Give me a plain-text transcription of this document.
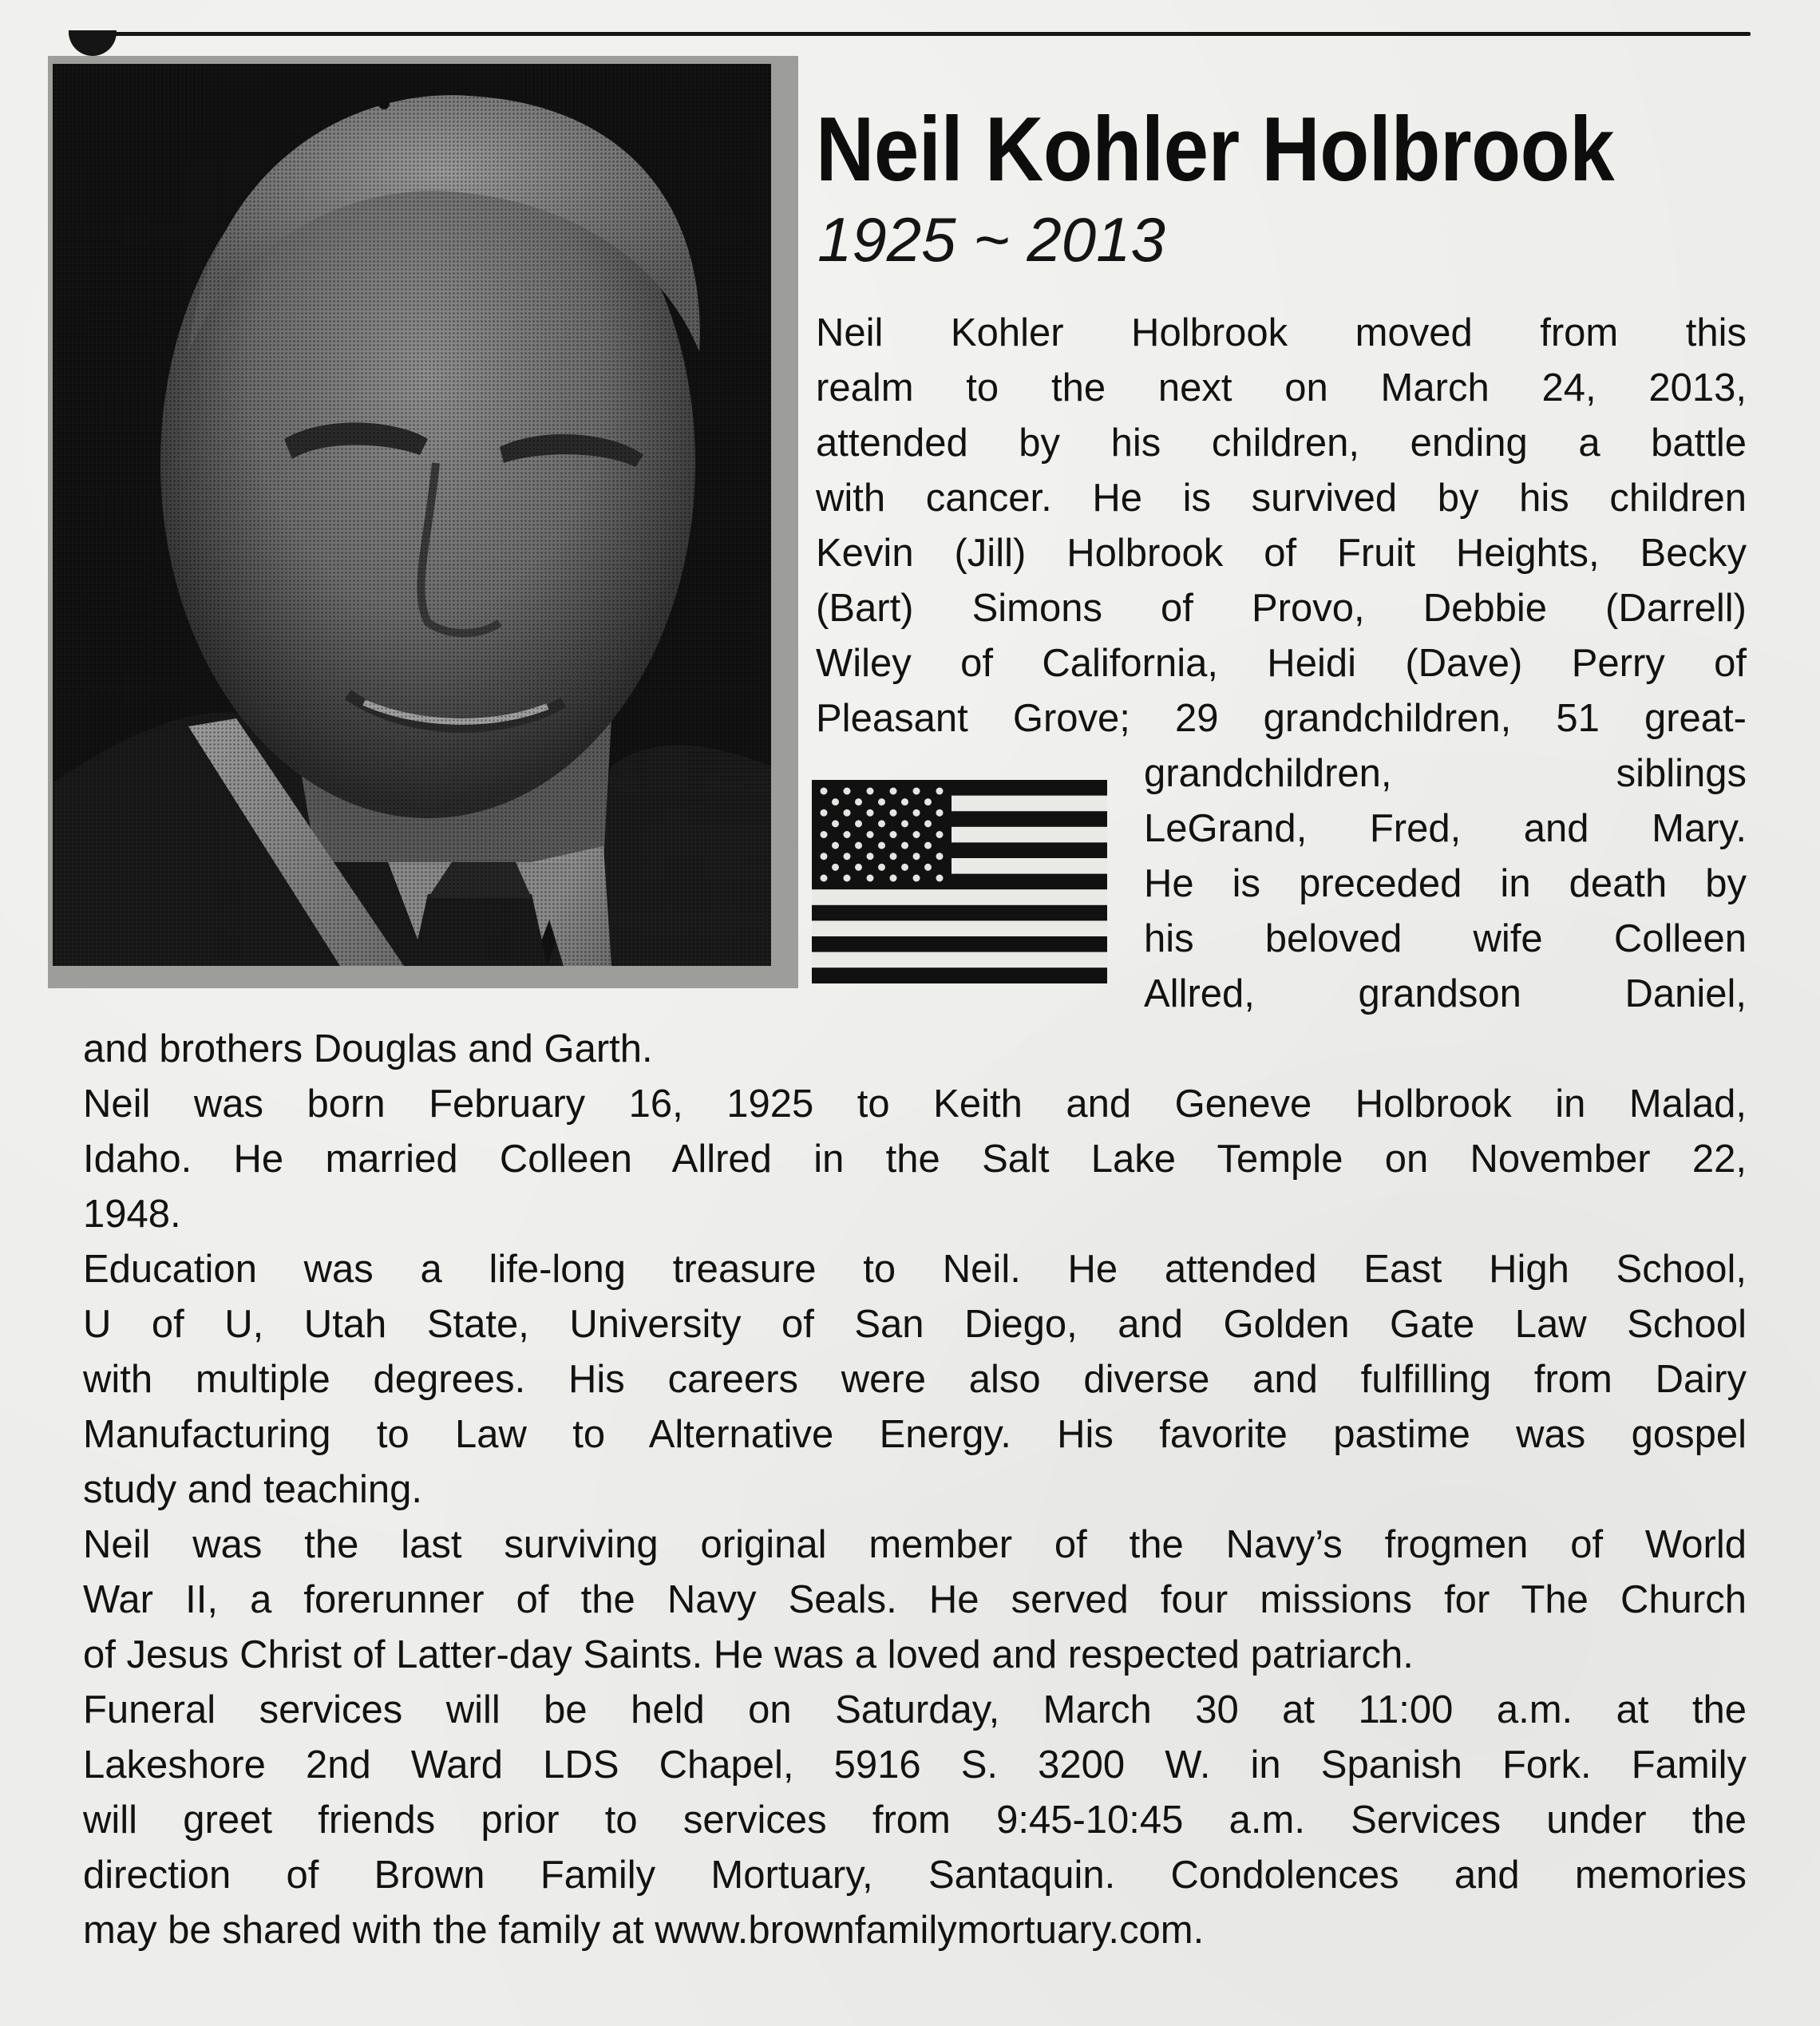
Neil Kohler Holbrook
1925 ~ 2013
Neil Kohler Holbrook moved from this
realm to the next on March 24, 2013,
attended by his children, ending a battle
with cancer. He is survived by his children
Kevin (Jill) Holbrook of Fruit Heights, Becky
(Bart) Simons of Provo, Debbie (Darrell)
Wiley of California, Heidi (Dave) Perry of
Pleasant Grove; 29 grandchildren, 51 great-
grandchildren, siblings
LeGrand, Fred, and Mary.
He is preceded in death by
his beloved wife Colleen
Allred, grandson Daniel,
and brothers Douglas and Garth.
Neil was born February 16, 1925 to Keith and Geneve Holbrook in Malad,
Idaho. He married Colleen Allred in the Salt Lake Temple on November 22,
1948.
Education was a life-long treasure to Neil. He attended East High School,
U of U, Utah State, University of San Diego, and Golden Gate Law School
with multiple degrees. His careers were also diverse and fulfilling from Dairy
Manufacturing to Law to Alternative Energy. His favorite pastime was gospel
study and teaching.
Neil was the last surviving original member of the Navy’s frogmen of World
War II, a forerunner of the Navy Seals. He served four missions for The Church
of Jesus Christ of Latter-day Saints. He was a loved and respected patriarch.
Funeral services will be held on Saturday, March 30 at 11:00 a.m. at the
Lakeshore 2nd Ward LDS Chapel, 5916 S. 3200 W. in Spanish Fork. Family
will greet friends prior to services from 9:45-10:45 a.m. Services under the
direction of Brown Family Mortuary, Santaquin. Condolences and memories
may be shared with the family at www.brownfamilymortuary.com.
